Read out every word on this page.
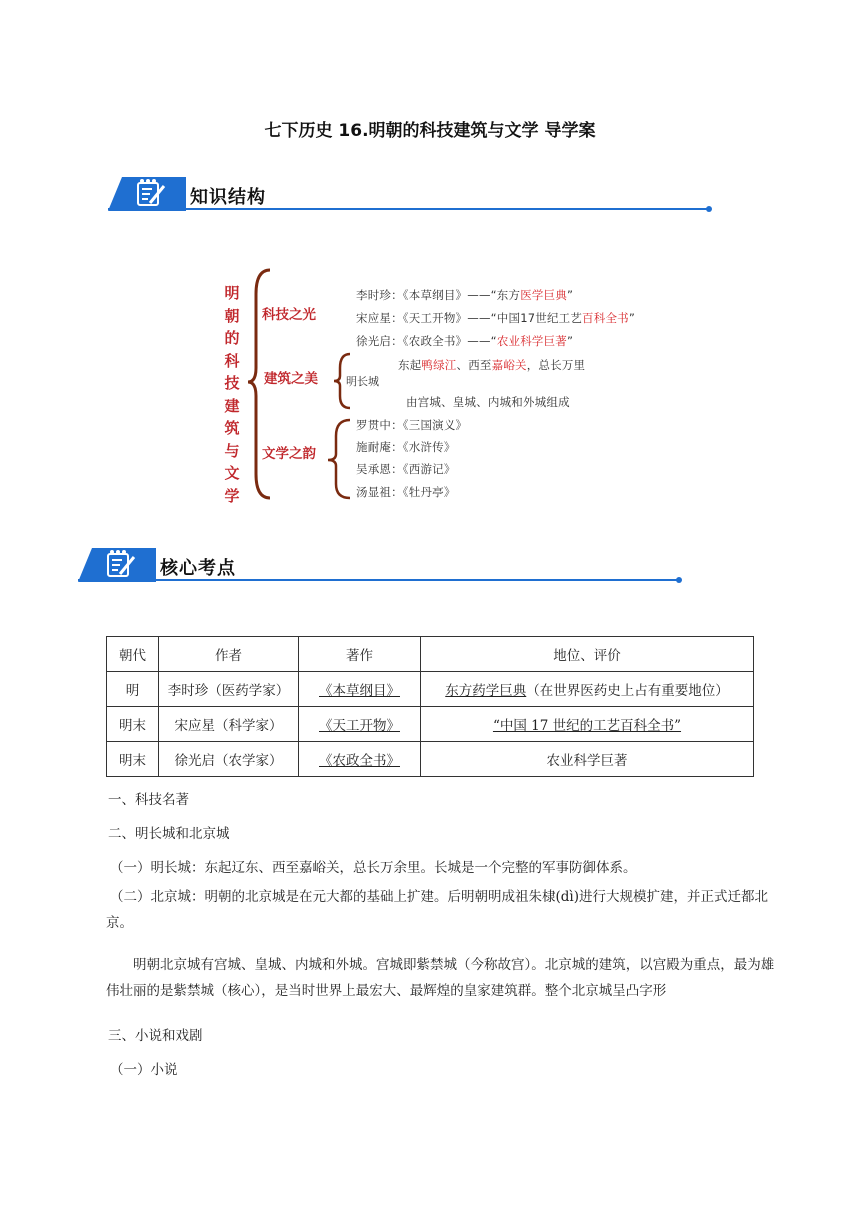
七下历史 16.明朝的科技建筑与文学 导学案
知识结构
明朝的科技建筑与文学
科技之光
建筑之美
文学之韵
李时珍：《本草纲目》——“东方医学巨典”
宋应星：《天工开物》——“中国17世纪工艺百科全书”
徐光启：《农政全书》——“农业科学巨著”
明长城
东起鸭绿江、西至嘉峪关，总长万里
由宫城、皇城、内城和外城组成
罗贯中：《三国演义》
施耐庵：《水浒传》
吴承恩：《西游记》
汤显祖：《牡丹亭》
核心考点
朝代	作者	著作	地位、评价
明	李时珍（医药学家）	《本草纲目》	东方药学巨典（在世界医药史上占有重要地位）
明末	宋应星（科学家）	《天工开物》	“中国 17 世纪的工艺百科全书”
明末	徐光启（农学家）	《农政全书》	农业科学巨著
一、科技名著
二、明长城和北京城
（一）明长城：东起辽东、西至嘉峪关，总长万余里。长城是一个完整的军事防御体系。
（二）北京城：明朝的北京城是在元大都的基础上扩建。后明朝明成祖朱棣(dì)进行大规模扩建，并正式迁都北京。
明朝北京城有宫城、皇城、内城和外城。宫城即紫禁城（今称故宫）。北京城的建筑，以宫殿为重点，最为雄伟壮丽的是紫禁城（核心），是当时世界上最宏大、最辉煌的皇家建筑群。整个北京城呈凸字形
三、小说和戏剧
（一）小说
